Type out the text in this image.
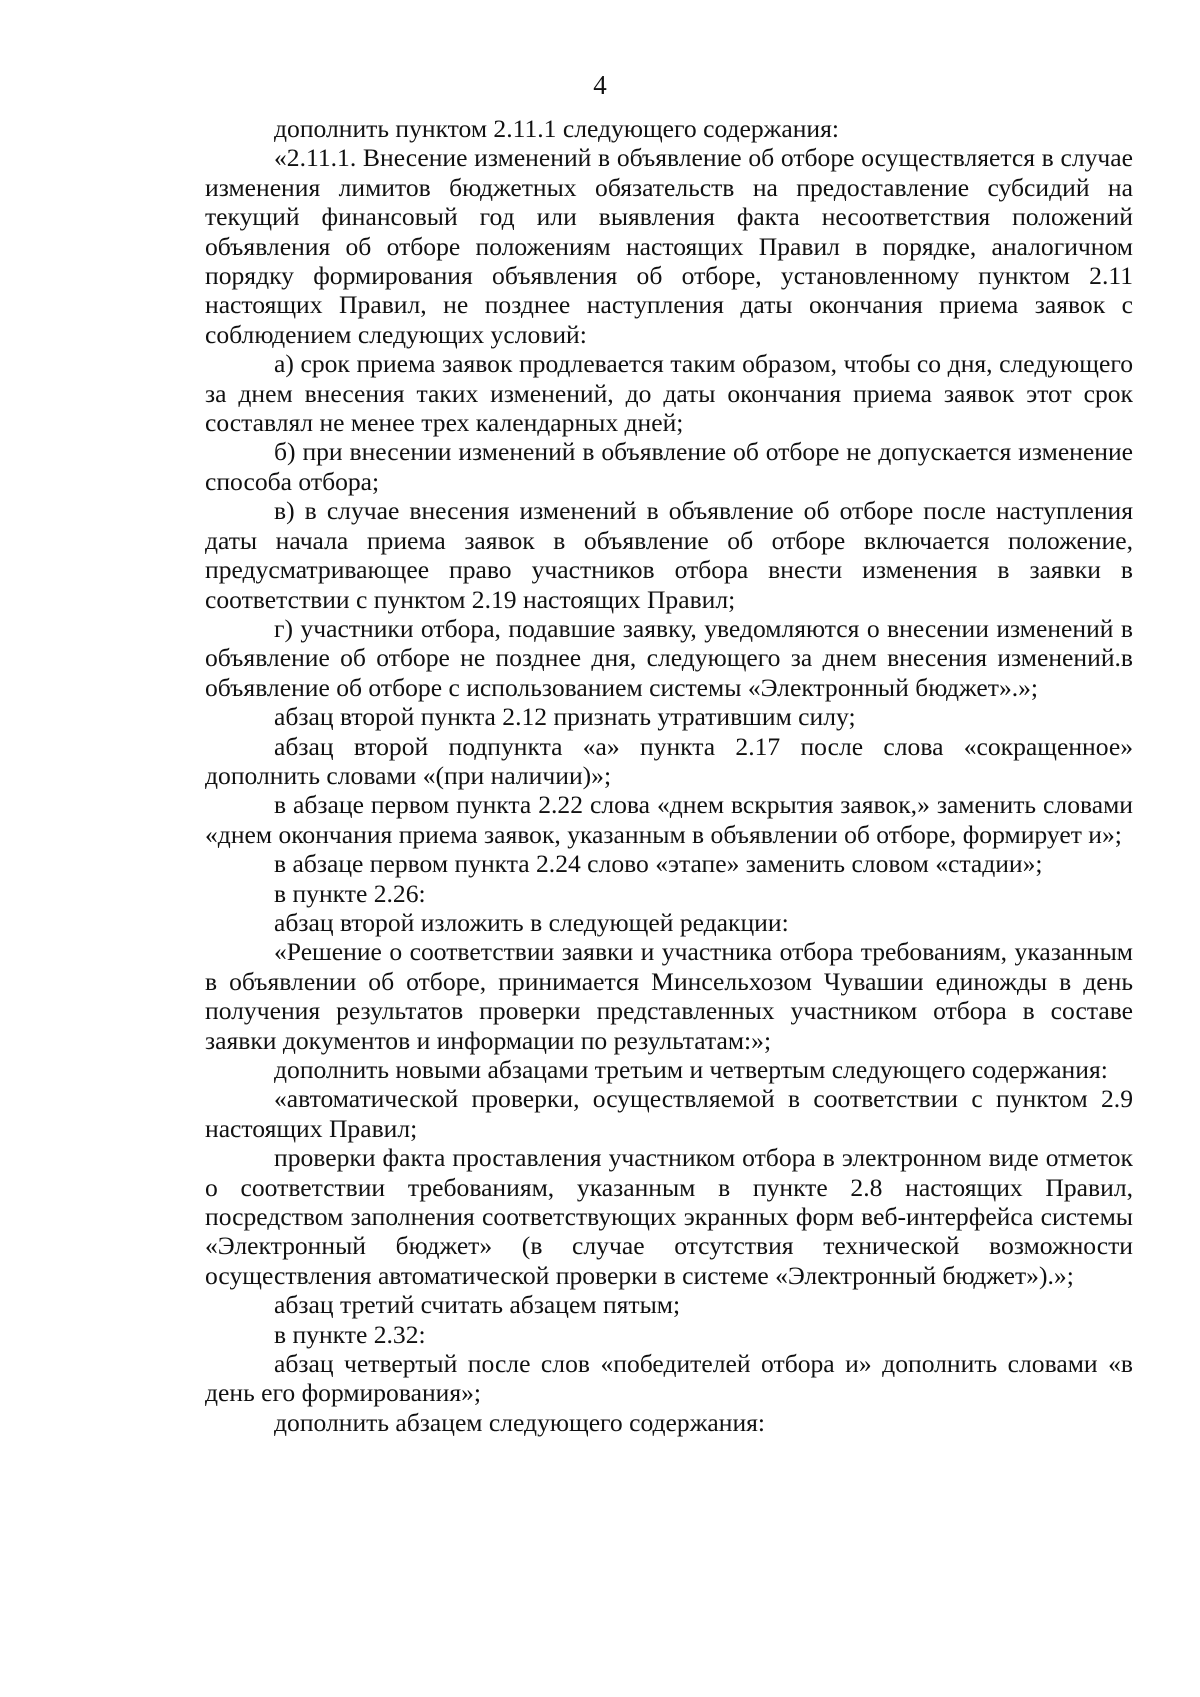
4

дополнить пунктом 2.11.1 следующего содержания:

«2.11.1. Внесение изменений в объявление об отборе осуществляется в случае изменения лимитов бюджетных обязательств на предоставление субсидий на текущий финансовый год или выявления факта несоответствия положений объявления об отборе положениям настоящих Правил в порядке, аналогичном порядку формирования объявления об отборе, установленному пунктом 2.11 настоящих Правил, не позднее наступления даты окончания приема заявок с соблюдением следующих условий:

а) срок приема заявок продлевается таким образом, чтобы со дня, следующего за днем внесения таких изменений, до даты окончания приема заявок этот срок составлял не менее трех календарных дней;

б) при внесении изменений в объявление об отборе не допускается изменение способа отбора;

в) в случае внесения изменений в объявление об отборе после наступления даты начала приема заявок в объявление об отборе включается положение, предусматривающее право участников отбора внести изменения в заявки в соответствии с пунктом 2.19 настоящих Правил;

г) участники отбора, подавшие заявку, уведомляются о внесении изменений в объявление об отборе не позднее дня, следующего за днем внесения изменений.в объявление об отборе с использованием системы «Электронный бюджет».»;

абзац второй пункта 2.12 признать утратившим силу;

абзац второй подпункта «а» пункта 2.17 после слова «сокращенное» дополнить словами «(при наличии)»;

в абзаце первом пункта 2.22 слова «днем вскрытия заявок,» заменить словами «днем окончания приема заявок, указанным в объявлении об отборе, формирует и»;

в абзаце первом пункта 2.24 слово «этапе» заменить словом «стадии»;

в пункте 2.26:

абзац второй изложить в следующей редакции:

«Решение о соответствии заявки и участника отбора требованиям, указанным в объявлении об отборе, принимается Минсельхозом Чувашии единожды в день получения результатов проверки представленных участником отбора в составе заявки документов и информации по результатам:»;

дополнить новыми абзацами третьим и четвертым следующего содержания:

«автоматической проверки, осуществляемой в соответствии с пунктом 2.9 настоящих Правил;

проверки факта проставления участником отбора в электронном виде отметок о соответствии требованиям, указанным в пункте 2.8 настоящих Правил, посредством заполнения соответствующих экранных форм веб-интерфейса системы «Электронный бюджет» (в случае отсутствия технической возможности осуществления автоматической проверки в системе «Электронный бюджет»).»;

абзац третий считать абзацем пятым;

в пункте 2.32:

абзац четвертый после слов «победителей отбора и» дополнить словами «в день его формирования»;

дополнить абзацем следующего содержания:
